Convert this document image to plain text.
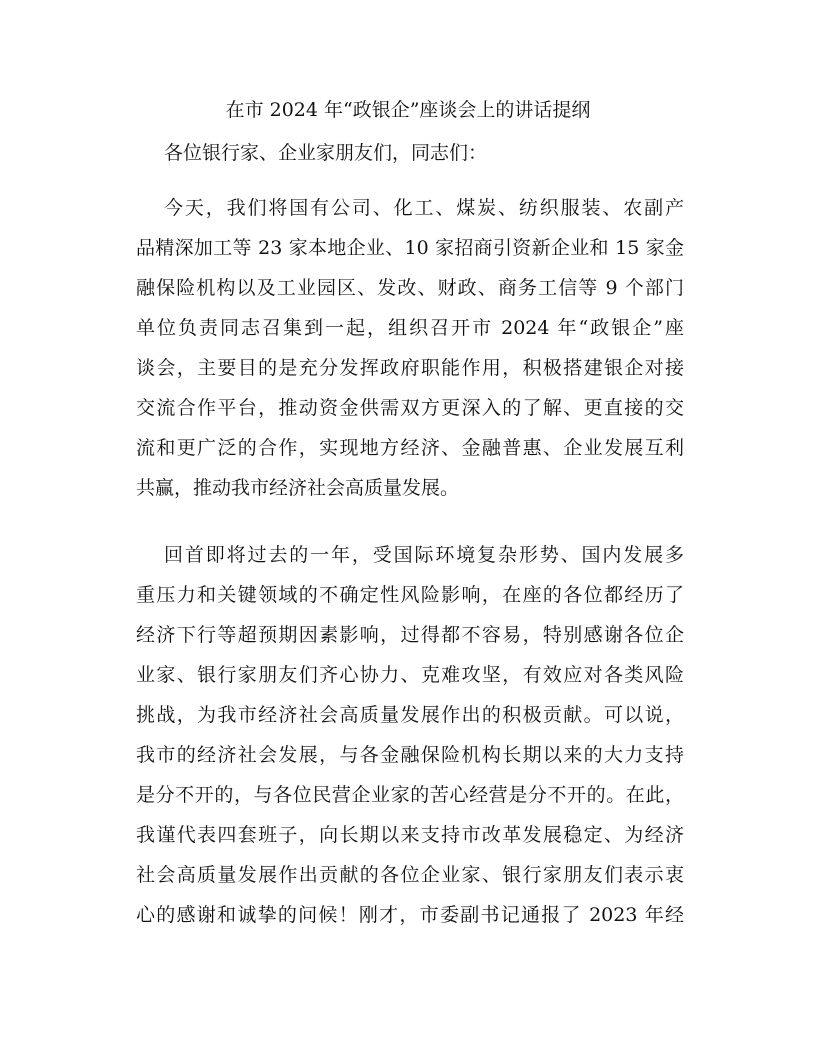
在市 2024 年“政银企”座谈会上的讲话提纲
各位银行家、企业家朋友们，同志们：
今天，我们将国有公司、化工、煤炭、纺织服装、农副产
品精深加工等 23 家本地企业、10 家招商引资新企业和 15 家金
融保险机构以及工业园区、发改、财政、商务工信等 9 个部门
单位负责同志召集到一起，组织召开市 2024 年“政银企”座
谈会，主要目的是充分发挥政府职能作用，积极搭建银企对接
交流合作平台，推动资金供需双方更深入的了解、更直接的交
流和更广泛的合作，实现地方经济、金融普惠、企业发展互利
共赢，推动我市经济社会高质量发展。
回首即将过去的一年，受国际环境复杂形势、国内发展多
重压力和关键领域的不确定性风险影响，在座的各位都经历了
经济下行等超预期因素影响，过得都不容易，特别感谢各位企
业家、银行家朋友们齐心协力、克难攻坚，有效应对各类风险
挑战，为我市经济社会高质量发展作出的积极贡献。可以说，
我市的经济社会发展，与各金融保险机构长期以来的大力支持
是分不开的，与各位民营企业家的苦心经营是分不开的。在此，
我谨代表四套班子，向长期以来支持市改革发展稳定、为经济
社会高质量发展作出贡献的各位企业家、银行家朋友们表示衷
心的感谢和诚挚的问候！刚才，市委副书记通报了 2023 年经
